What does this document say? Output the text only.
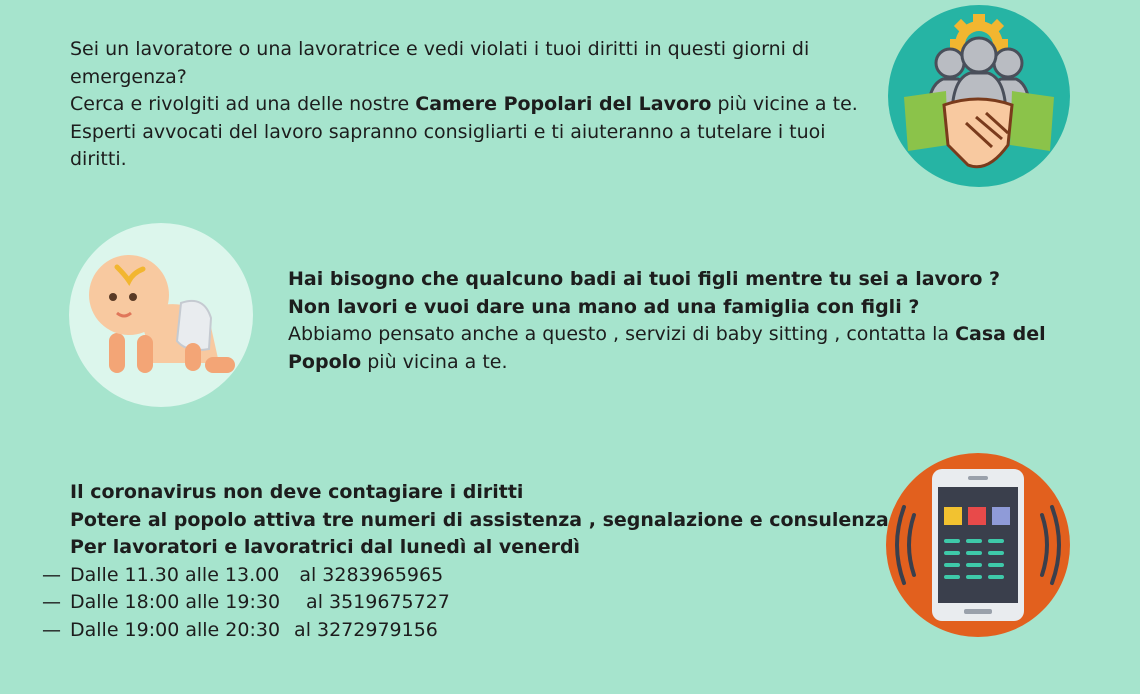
Sei un lavoratore o una lavoratrice e vedi violati i tuoi diritti in questi giorni di
emergenza?
Cerca e rivolgiti ad una delle nostre Camere Popolari del Lavoro più vicine a te.
Esperti avvocati del lavoro sapranno consigliarti e ti aiuteranno a tutelare i tuoi
diritti.
Hai bisogno che qualcuno badi ai tuoi figli mentre tu sei a lavoro ?
Non lavori e vuoi dare una mano ad una famiglia con figli ?
Abbiamo pensato anche a questo , servizi di baby sitting , contatta la Casa del
Popolo più vicina a te.
Il coronavirus non deve contagiare i diritti
Potere al popolo attiva tre numeri di assistenza , segnalazione e consulenza
Per lavoratori e lavoratrici dal lunedì al venerdì
— Dalle 11.30 alle 13.00 al 3283965965
— Dalle 18:00 alle 19:30 al 3519675727
— Dalle 19:00 alle 20:30 al 3272979156
